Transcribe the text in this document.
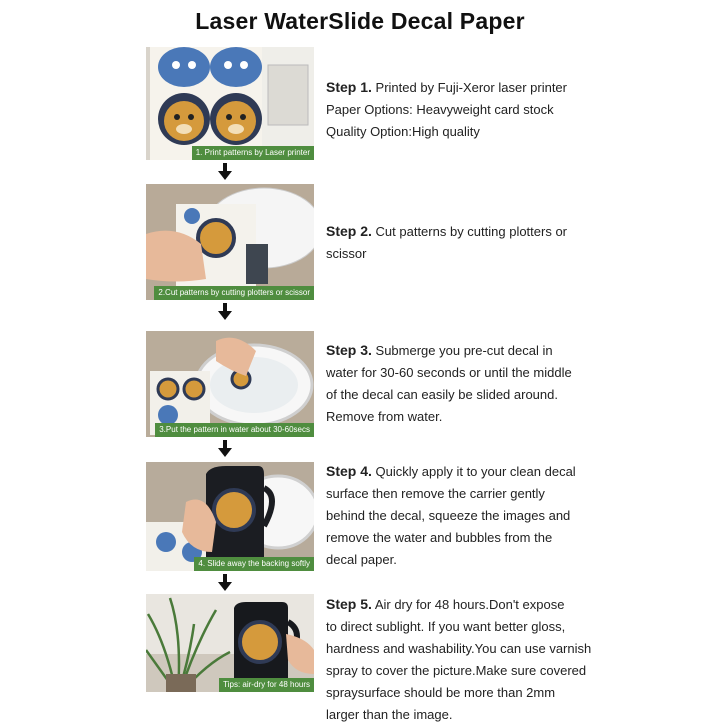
Laser WaterSlide Decal Paper
1. Print patterns by Laser printer
Step 1. Printed by Fuji-Xeror laser printer
Paper Options: Heavyweight card stock
Quality Option:High quality
2.Cut patterns by cutting plotters or scissor
Step 2. Cut patterns by cutting plotters or
scissor
3.Put the pattern in water about 30-60secs
Step 3. Submerge you pre-cut decal in
water for 30-60 seconds or until the middle
of the decal can easily be slided around.
Remove from water.
4. Slide away the backing softly
Step 4. Quickly apply it to your clean decal
surface then remove the carrier gently
behind the decal, squeeze the images and
remove the water and bubbles from the
decal paper.
Tips: air-dry for 48 hours
Step 5. Air dry for 48 hours.Don't expose
to direct sublight. If you want better gloss,
hardness and washability.You can use varnish
spray to cover the picture.Make sure covered
spraysurface should be more than 2mm
larger than the image.
